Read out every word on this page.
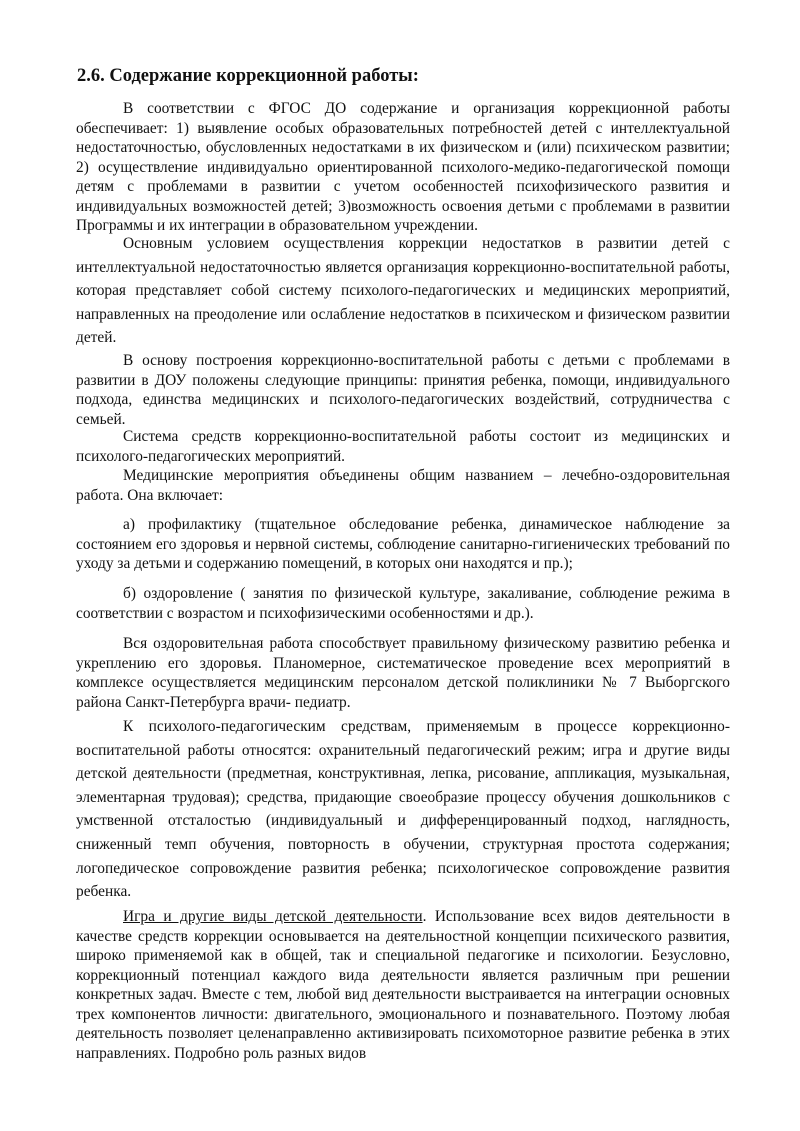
2.6. Содержание коррекционной работы:

В соответствии с ФГОС ДО содержание и организация коррекционной работы обеспечивает: 1) выявление особых образовательных потребностей детей с интеллектуальной недостаточностью, обусловленных недостатками в их физическом и (или) психическом развитии; 2) осуществление индивидуально ориентированной психолого-медико-педагогической помощи детям с проблемами в развитии с учетом особенностей психофизического развития и индивидуальных возможностей детей; 3)возможность освоения детьми с проблемами в развитии Программы и их интеграции в образовательном учреждении.

Основным условием осуществления коррекции недостатков в развитии детей с интеллектуальной недостаточностью является организация коррекционно-воспитательной работы, которая представляет собой систему психолого-педагогических и медицинских мероприятий, направленных на преодоление или ослабление недостатков в психическом и физическом развитии детей.

В основу построения коррекционно-воспитательной работы с детьми с проблемами в развитии в ДОУ положены следующие принципы: принятия ребенка, помощи, индивидуального подхода, единства медицинских и психолого-педагогических воздействий, сотрудничества с семьей.

Система средств коррекционно-воспитательной работы состоит из медицинских и психолого-педагогических мероприятий.

Медицинские мероприятия объединены общим названием – лечебно-оздоровительная работа. Она включает:

а) профилактику (тщательное обследование ребенка, динамическое наблюдение за состоянием его здоровья и нервной системы, соблюдение санитарно-гигиенических требований по уходу за детьми и содержанию помещений, в которых они находятся и пр.);

б) оздоровление ( занятия по физической культуре, закаливание, соблюдение режима в соответствии с возрастом и психофизическими особенностями и др.).

Вся оздоровительная работа способствует правильному физическому развитию ребенка и укреплению его здоровья. Планомерное, систематическое проведение всех мероприятий в комплексе осуществляется медицинским персоналом детской поликлиники № 7 Выборгского района Санкт-Петербурга врачи- педиатр.

К психолого-педагогическим средствам, применяемым в процессе коррекционно-воспитательной работы относятся: охранительный педагогический режим; игра и другие виды детской деятельности (предметная, конструктивная, лепка, рисование, аппликация, музыкальная, элементарная трудовая); средства, придающие своеобразие процессу обучения дошкольников с умственной отсталостью (индивидуальный и дифференцированный подход, наглядность, сниженный темп обучения, повторность в обучении, структурная простота содержания; логопедическое сопровождение развития ребенка; психологическое сопровождение развития ребенка.

Игра и другие виды детской деятельности. Использование всех видов деятельности в качестве средств коррекции основывается на деятельностной концепции психического развития, широко применяемой как в общей, так и специальной педагогике и психологии. Безусловно, коррекционный потенциал каждого вида деятельности является различным при решении конкретных задач. Вместе с тем, любой вид деятельности выстраивается на интеграции основных трех компонентов личности: двигательного, эмоционального и познавательного. Поэтому любая деятельность позволяет целенаправленно активизировать психомоторное развитие ребенка в этих направлениях. Подробно роль разных видов
